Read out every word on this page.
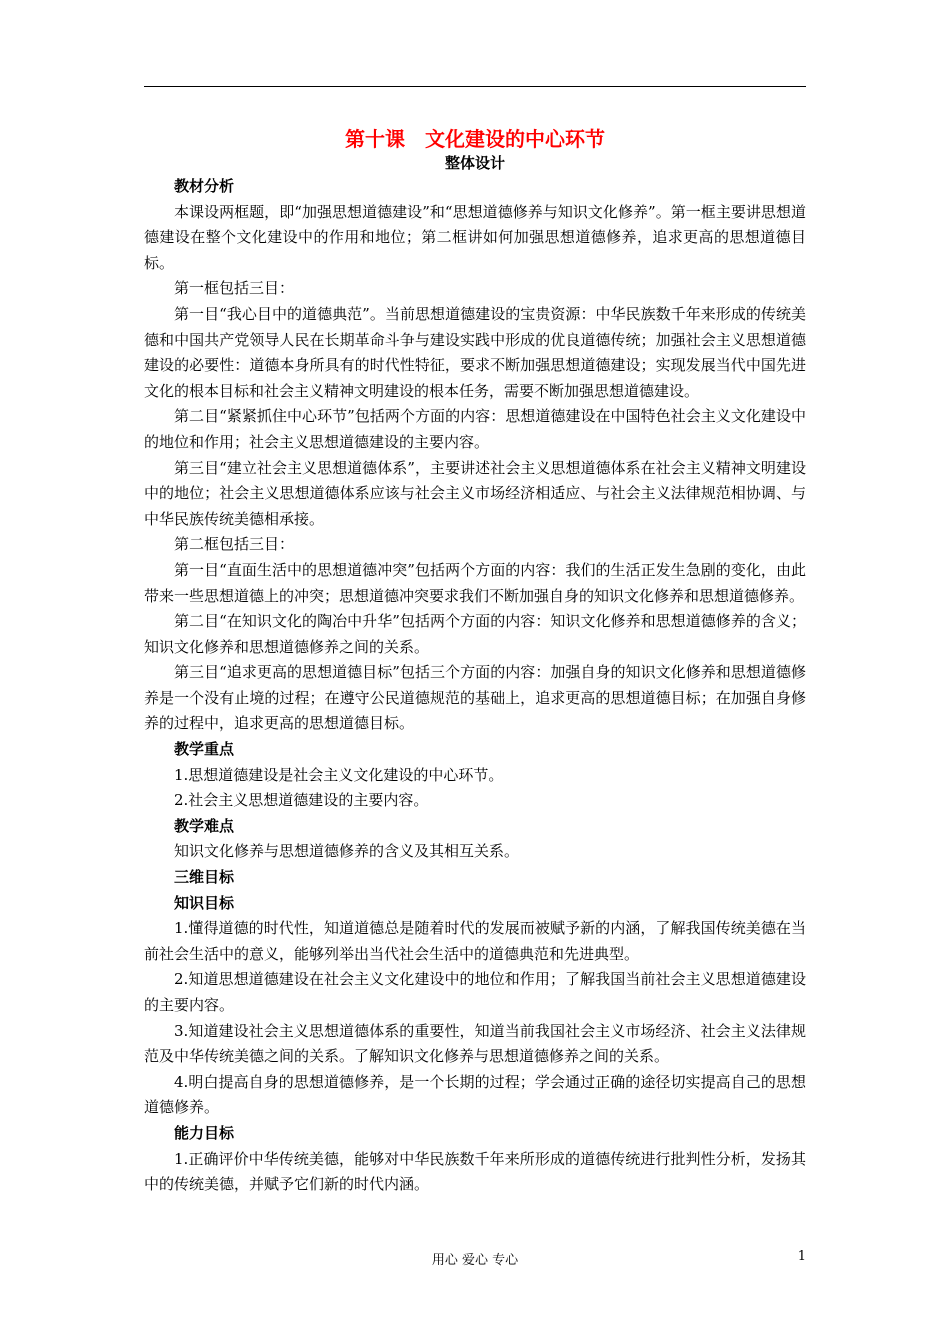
第十课　文化建设的中心环节
整体设计

教材分析

本课设两框题，即“加强思想道德建设”和“思想道德修养与知识文化修养”。第一框主要讲思想道德建设在整个文化建设中的作用和地位；第二框讲如何加强思想道德修养，追求更高的思想道德目标。

第一框包括三目：

第一目“我心目中的道德典范”。当前思想道德建设的宝贵资源：中华民族数千年来形成的传统美德和中国共产党领导人民在长期革命斗争与建设实践中形成的优良道德传统；加强社会主义思想道德建设的必要性：道德本身所具有的时代性特征，要求不断加强思想道德建设；实现发展当代中国先进文化的根本目标和社会主义精神文明建设的根本任务，需要不断加强思想道德建设。

第二目“紧紧抓住中心环节”包括两个方面的内容：思想道德建设在中国特色社会主义文化建设中的地位和作用；社会主义思想道德建设的主要内容。

第三目“建立社会主义思想道德体系”，主要讲述社会主义思想道德体系在社会主义精神文明建设中的地位；社会主义思想道德体系应该与社会主义市场经济相适应、与社会主义法律规范相协调、与中华民族传统美德相承接。

第二框包括三目：

第一目“直面生活中的思想道德冲突”包括两个方面的内容：我们的生活正发生急剧的变化，由此带来一些思想道德上的冲突；思想道德冲突要求我们不断加强自身的知识文化修养和思想道德修养。

第二目“在知识文化的陶冶中升华”包括两个方面的内容：知识文化修养和思想道德修养的含义；知识文化修养和思想道德修养之间的关系。

第三目“追求更高的思想道德目标”包括三个方面的内容：加强自身的知识文化修养和思想道德修养是一个没有止境的过程；在遵守公民道德规范的基础上，追求更高的思想道德目标；在加强自身修养的过程中，追求更高的思想道德目标。

教学重点

1.思想道德建设是社会主义文化建设的中心环节。

2.社会主义思想道德建设的主要内容。

教学难点

知识文化修养与思想道德修养的含义及其相互关系。

三维目标

知识目标

1.懂得道德的时代性，知道道德总是随着时代的发展而被赋予新的内涵，了解我国传统美德在当前社会生活中的意义，能够列举出当代社会生活中的道德典范和先进典型。

2.知道思想道德建设在社会主义文化建设中的地位和作用；了解我国当前社会主义思想道德建设的主要内容。

3.知道建设社会主义思想道德体系的重要性，知道当前我国社会主义市场经济、社会主义法律规范及中华传统美德之间的关系。了解知识文化修养与思想道德修养之间的关系。

4.明白提高自身的思想道德修养，是一个长期的过程；学会通过正确的途径切实提高自己的思想道德修养。

能力目标

1.正确评价中华传统美德，能够对中华民族数千年来所形成的道德传统进行批判性分析，发扬其中的传统美德，并赋予它们新的时代内涵。

用心 爱心 专心	1
